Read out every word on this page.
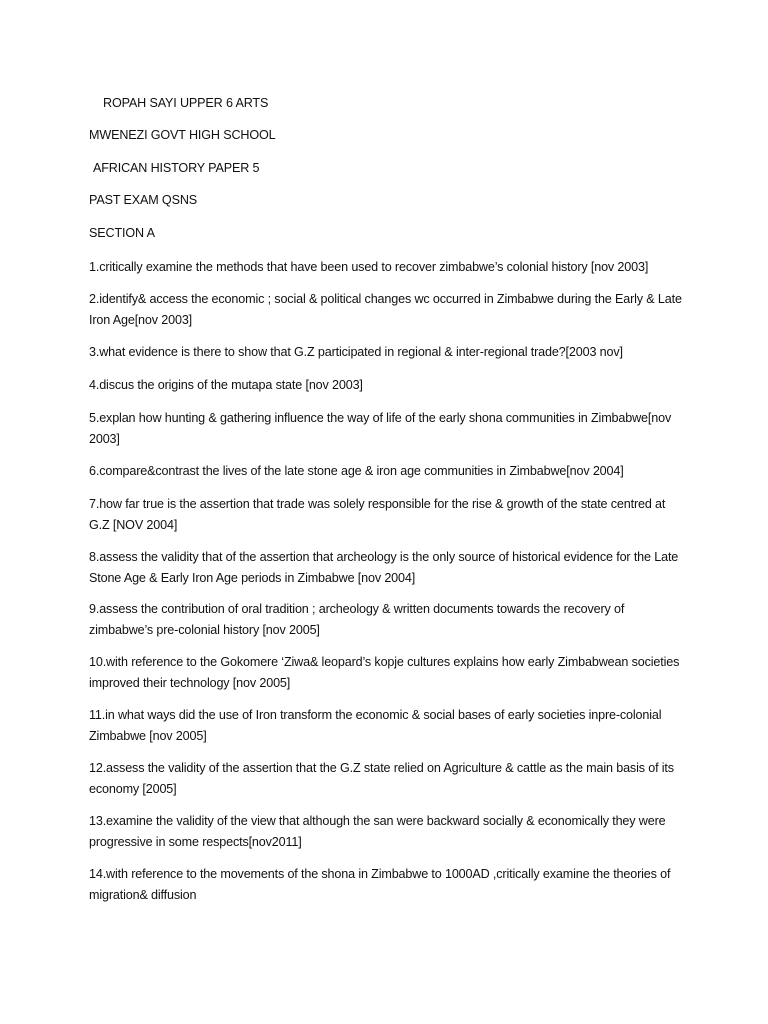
ROPAH SAYI UPPER 6 ARTS
MWENEZI GOVT HIGH SCHOOL
AFRICAN HISTORY PAPER 5
PAST EXAM QSNS
SECTION A
1.critically examine the methods that have been used to recover zimbabwe’s colonial history [nov 2003]
2.identify& access the economic ; social & political changes wc occurred in Zimbabwe during the Early & Late Iron Age[nov 2003]
3.what evidence is there to show that G.Z participated in regional & inter-regional trade?[2003 nov]
4.discus the origins of the mutapa state [nov 2003]
5.explan how hunting & gathering influence the way of life of the early shona communities in Zimbabwe[nov 2003]
6.compare&contrast the lives of the late stone age & iron age communities in Zimbabwe[nov 2004]
7.how far true is the assertion that trade was solely responsible for the rise & growth of the state centred at G.Z [NOV 2004]
8.assess the validity that of the assertion that archeology is the only source of historical evidence for the Late Stone Age & Early Iron Age periods in Zimbabwe [nov 2004]
9.assess the contribution of oral tradition ; archeology & written documents towards the recovery of zimbabwe’s pre-colonial history [nov 2005]
10.with reference to the Gokomere ‘Ziwa& leopard’s kopje cultures explains how early Zimbabwean societies improved their technology [nov 2005]
11.in what ways did the use of Iron transform the economic & social bases of early societies inpre-colonial Zimbabwe [nov 2005]
12.assess the validity of the assertion that the G.Z state relied on Agriculture & cattle as the main basis of its economy [2005]
13.examine the validity of the view that although the san were backward socially & economically they were progressive in some respects[nov2011]
14.with reference to the movements of the shona in Zimbabwe to 1000AD ,critically examine the theories of migration& diffusion
